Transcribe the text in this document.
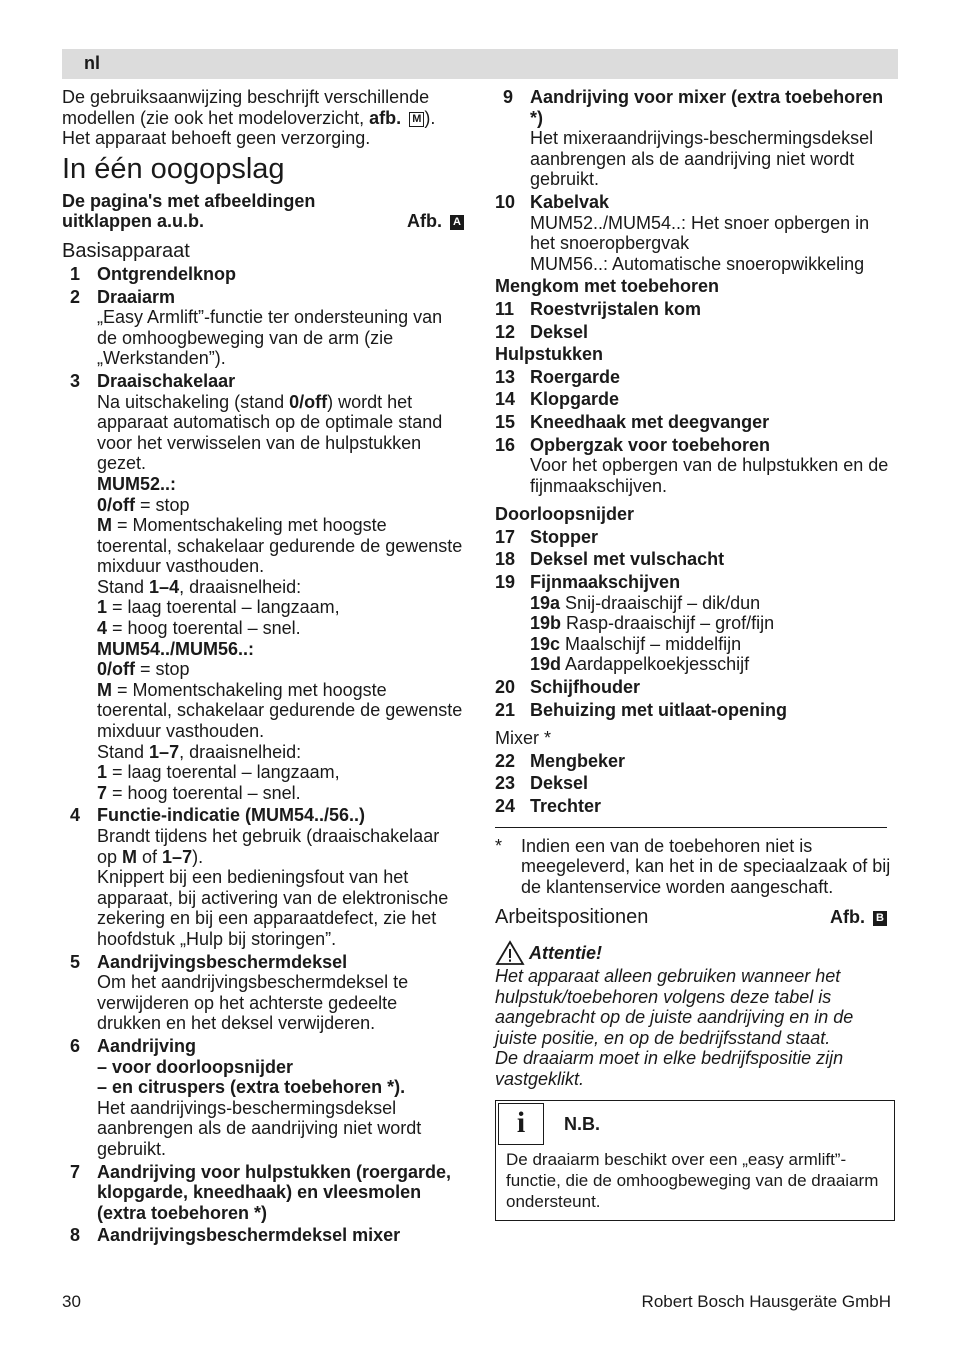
nl

De gebruiksaanwijzing beschrijft verschillende modellen (zie ook het modeloverzicht, afb. M ). Het apparaat behoeft geen verzorging.

In één oogopslag
De pagina's met afbeeldingen uitklappen a.u.b.	Afb. A
Basisapparaat
1 Ontgrendelknop
2 Draaiarm
„Easy Armlift”-functie ter ondersteuning van de omhoogbeweging van de arm (zie „Werkstanden”).
3 Draaischakelaar
Na uitschakeling (stand 0/off) wordt het apparaat automatisch op de optimale stand voor het verwisselen van de hulpstukken gezet.
MUM52..:
0/off = stop
M = Momentschakeling met hoogste toerental, schakelaar gedurende de gewenste mixduur vasthouden.
Stand 1–4, draaisnelheid:
1 = laag toerental – langzaam,
4 = hoog toerental – snel.
MUM54../MUM56..:
0/off = stop
M = Momentschakeling met hoogste toerental, schakelaar gedurende de gewenste mixduur vasthouden.
Stand 1–7, draaisnelheid:
1 = laag toerental – langzaam,
7 = hoog toerental – snel.
4 Functie-indicatie (MUM54../56..)
Brandt tijdens het gebruik (draaischakelaar op M of 1–7).
Knippert bij een bedieningsfout van het apparaat, bij activering van de elektronische zekering en bij een apparaatdefect, zie het hoofdstuk „Hulp bij storingen”.
5 Aandrijvingsbeschermdeksel
Om het aandrijvingsbeschermdeksel te verwijderen op het achterste gedeelte drukken en het deksel verwijderen.
6 Aandrijving
– voor doorloopsnijder
– en citruspers (extra toebehoren *).
Het aandrijvings-beschermingsdeksel aanbrengen als de aandrijving niet wordt gebruikt.
7 Aandrijving voor hulpstukken (roergarde, klopgarde, kneedhaak) en vleesmolen (extra toebehoren *)
8 Aandrijvingsbeschermdeksel mixer
9 Aandrijving voor mixer (extra toebehoren *)
Het mixeraandrijvings-beschermingsdeksel aanbrengen als de aandrijving niet wordt gebruikt.
10 Kabelvak
MUM52../MUM54..: Het snoer opbergen in het snoeropbergvak
MUM56..: Automatische snoeropwikkeling
Mengkom met toebehoren
11 Roestvrijstalen kom
12 Deksel
Hulpstukken
13 Roergarde
14 Klopgarde
15 Kneedhaak met deegvanger
16 Opbergzak voor toebehoren
Voor het opbergen van de hulpstukken en de fijnmaakschijven.
Doorloopsnijder
17 Stopper
18 Deksel met vulschacht
19 Fijnmaakschijven
19a Snij-draaischijf – dik/dun
19b Rasp-draaischijf – grof/fijn
19c Maalschijf – middelfijn
19d Aardappelkoekjesschijf
20 Schijfhouder
21 Behuizing met uitlaat-opening
Mixer *
22 Mengbeker
23 Deksel
24 Trechter
*	Indien een van de toebehoren niet is meegeleverd, kan het in de speciaalzaak of bij de klantenservice worden aangeschaft.
Arbeitspositionen	Afb. B
Attentie!
Het apparaat alleen gebruiken wanneer het hulpstuk/toebehoren volgens deze tabel is aangebracht op de juiste aandrijving en in de juiste positie, en op de bedrijfsstand staat.
De draaiarm moet in elke bedrijfspositie zijn vastgeklikt.
i	N.B.
De draaiarm beschikt over een „easy armlift”-functie, die de omhoogbeweging van de draaiarm ondersteunt.
30	Robert Bosch Hausgeräte GmbH
